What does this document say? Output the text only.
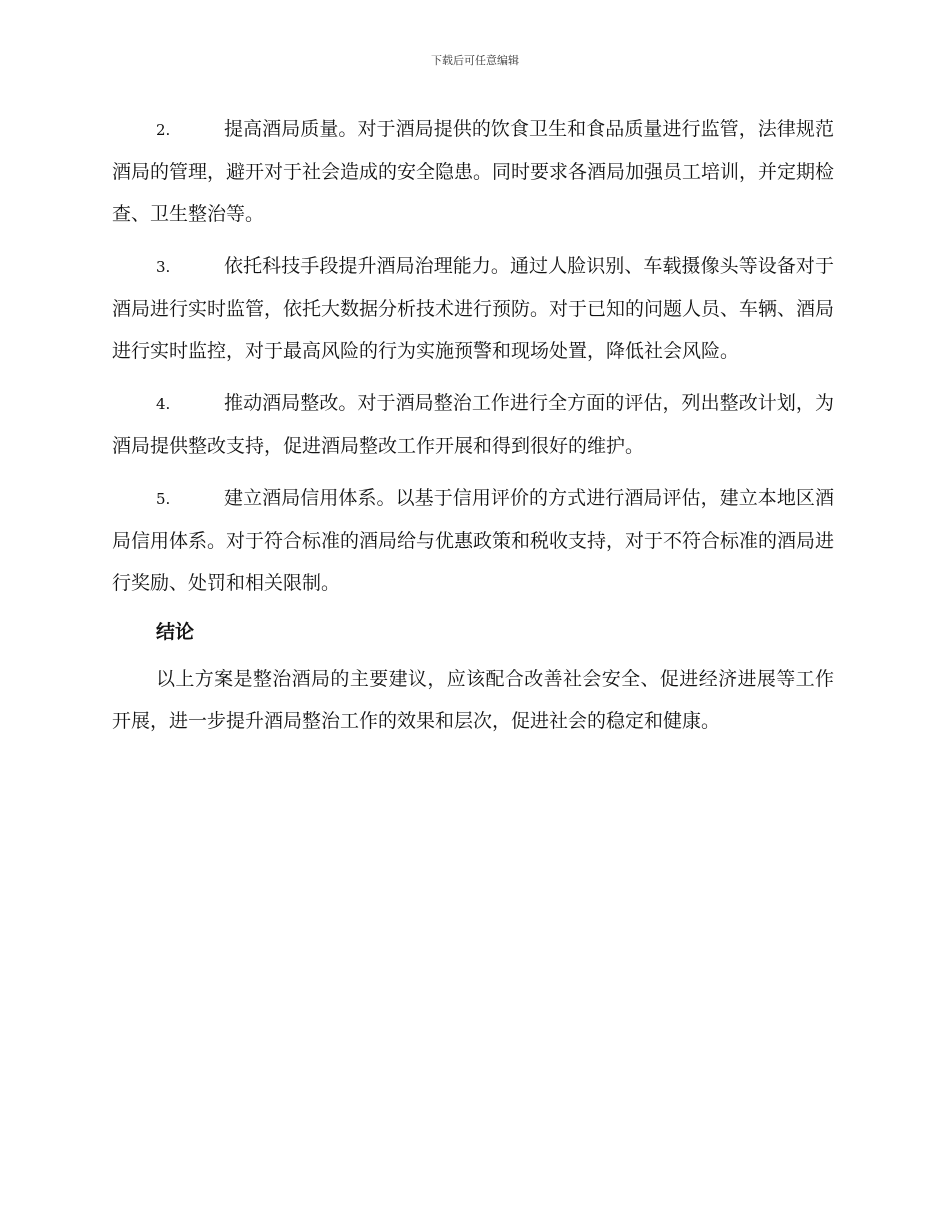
下载后可任意编辑

2.	提高酒局质量。对于酒局提供的饮食卫生和食品质量进行监管，法律规范酒局的管理，避开对于社会造成的安全隐患。同时要求各酒局加强员工培训，并定期检查、卫生整治等。

3.	依托科技手段提升酒局治理能力。通过人脸识别、车载摄像头等设备对于酒局进行实时监管，依托大数据分析技术进行预防。对于已知的问题人员、车辆、酒局进行实时监控，对于最高风险的行为实施预警和现场处置，降低社会风险。

4.	推动酒局整改。对于酒局整治工作进行全方面的评估，列出整改计划，为酒局提供整改支持，促进酒局整改工作开展和得到很好的维护。

5.	建立酒局信用体系。以基于信用评价的方式进行酒局评估，建立本地区酒局信用体系。对于符合标准的酒局给与优惠政策和税收支持，对于不符合标准的酒局进行奖励、处罚和相关限制。

结论

以上方案是整治酒局的主要建议，应该配合改善社会安全、促进经济进展等工作开展，进一步提升酒局整治工作的效果和层次，促进社会的稳定和健康。
